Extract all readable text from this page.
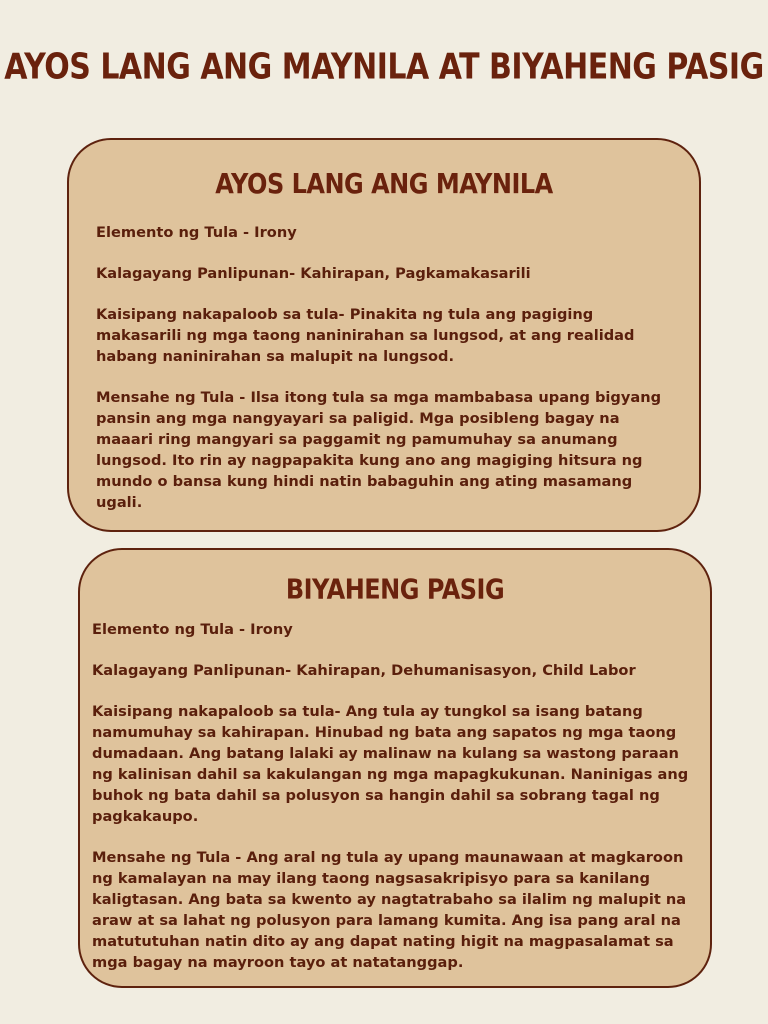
AYOS LANG ANG MAYNILA AT BIYAHENG PASIG
AYOS LANG ANG MAYNILA

Elemento ng Tula - Irony

Kalagayang Panlipunan- Kahirapan, Pagkamakasarili

Kaisipang nakapaloob sa tula- Pinakita ng tula ang pagiging makasarili ng mga taong naninirahan sa lungsod, at ang realidad habang naninirahan sa malupit na lungsod.

Mensahe ng Tula - Ilsa itong tula sa mga mambabasa upang bigyang pansin ang mga nangyayari sa paligid. Mga posibleng bagay na maaari ring mangyari sa paggamit ng pamumuhay sa anumang lungsod. Ito rin ay nagpapakita kung ano ang magiging hitsura ng mundo o bansa kung hindi natin babaguhin ang ating masamang ugali.

BIYAHENG PASIG

Elemento ng Tula - Irony

Kalagayang Panlipunan- Kahirapan, Dehumanisasyon, Child Labor

Kaisipang nakapaloob sa tula- Ang tula ay tungkol sa isang batang namumuhay sa kahirapan. Hinubad ng bata ang sapatos ng mga taong dumadaan. Ang batang lalaki ay malinaw na kulang sa wastong paraan ng kalinisan dahil sa kakulangan ng mga mapagkukunan. Naninigas ang buhok ng bata dahil sa polusyon sa hangin dahil sa sobrang tagal ng pagkakaupo.

Mensahe ng Tula - Ang aral ng tula ay upang maunawaan at magkaroon ng kamalayan na may ilang taong nagsasakripisyo para sa kanilang kaligtasan. Ang bata sa kwento ay nagtatrabaho sa ilalim ng malupit na araw at sa lahat ng polusyon para lamang kumita. Ang isa pang aral na matututuhan natin dito ay ang dapat nating higit na magpasalamat sa mga bagay na mayroon tayo at natatanggap.
